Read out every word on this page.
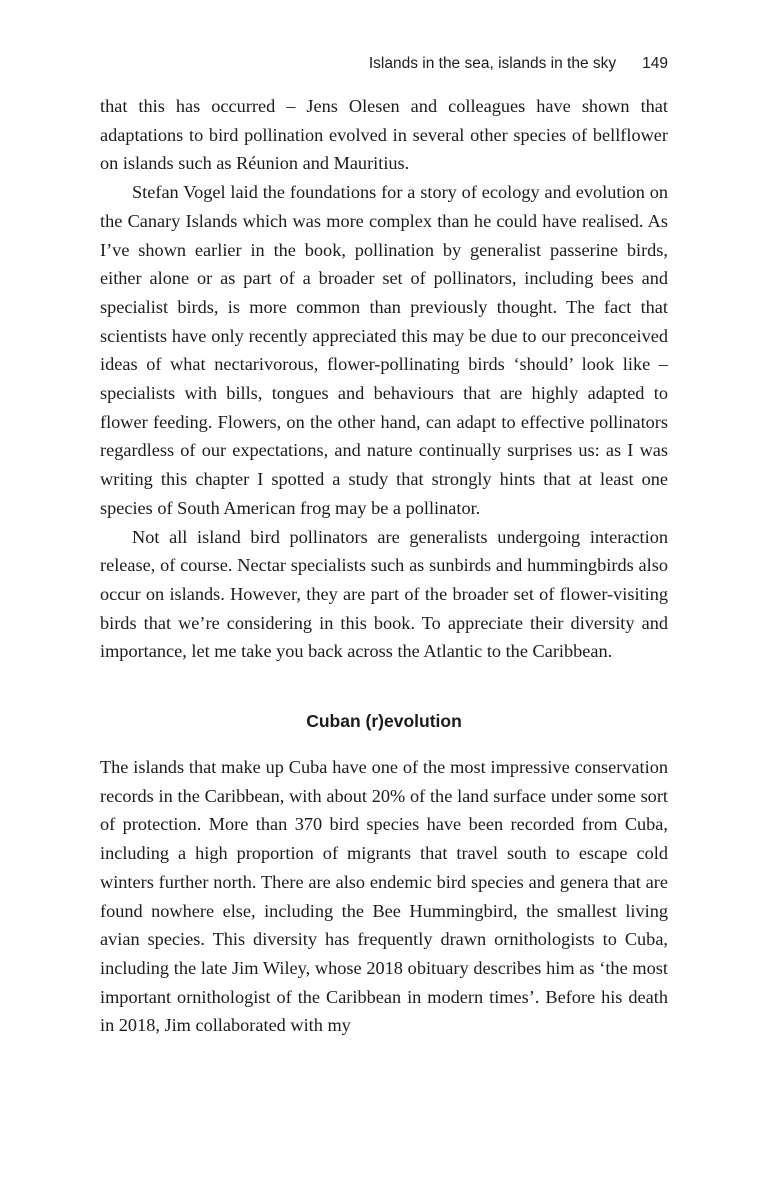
Islands in the sea, islands in the sky 149

that this has occurred – Jens Olesen and colleagues have shown that adaptations to bird pollination evolved in several other species of bellflower on islands such as Réunion and Mauritius.

Stefan Vogel laid the foundations for a story of ecology and evolution on the Canary Islands which was more complex than he could have realised. As I’ve shown earlier in the book, pollination by generalist passerine birds, either alone or as part of a broader set of pollinators, including bees and specialist birds, is more common than previously thought. The fact that scientists have only recently appreciated this may be due to our preconceived ideas of what nectarivorous, flower-pollinating birds ‘should’ look like – specialists with bills, tongues and behaviours that are highly adapted to flower feeding. Flowers, on the other hand, can adapt to effective pollinators regardless of our expectations, and nature continually surprises us: as I was writing this chapter I spotted a study that strongly hints that at least one species of South American frog may be a pollinator.

Not all island bird pollinators are generalists undergoing interaction release, of course. Nectar specialists such as sunbirds and hummingbirds also occur on islands. However, they are part of the broader set of flower-visiting birds that we’re considering in this book. To appreciate their diversity and importance, let me take you back across the Atlantic to the Caribbean.

Cuban (r)evolution

The islands that make up Cuba have one of the most impressive conservation records in the Caribbean, with about 20% of the land surface under some sort of protection. More than 370 bird species have been recorded from Cuba, including a high proportion of migrants that travel south to escape cold winters further north. There are also endemic bird species and genera that are found nowhere else, including the Bee Hummingbird, the smallest living avian species. This diversity has frequently drawn ornithologists to Cuba, including the late Jim Wiley, whose 2018 obituary describes him as ‘the most important ornithologist of the Caribbean in modern times’. Before his death in 2018, Jim collaborated with my
